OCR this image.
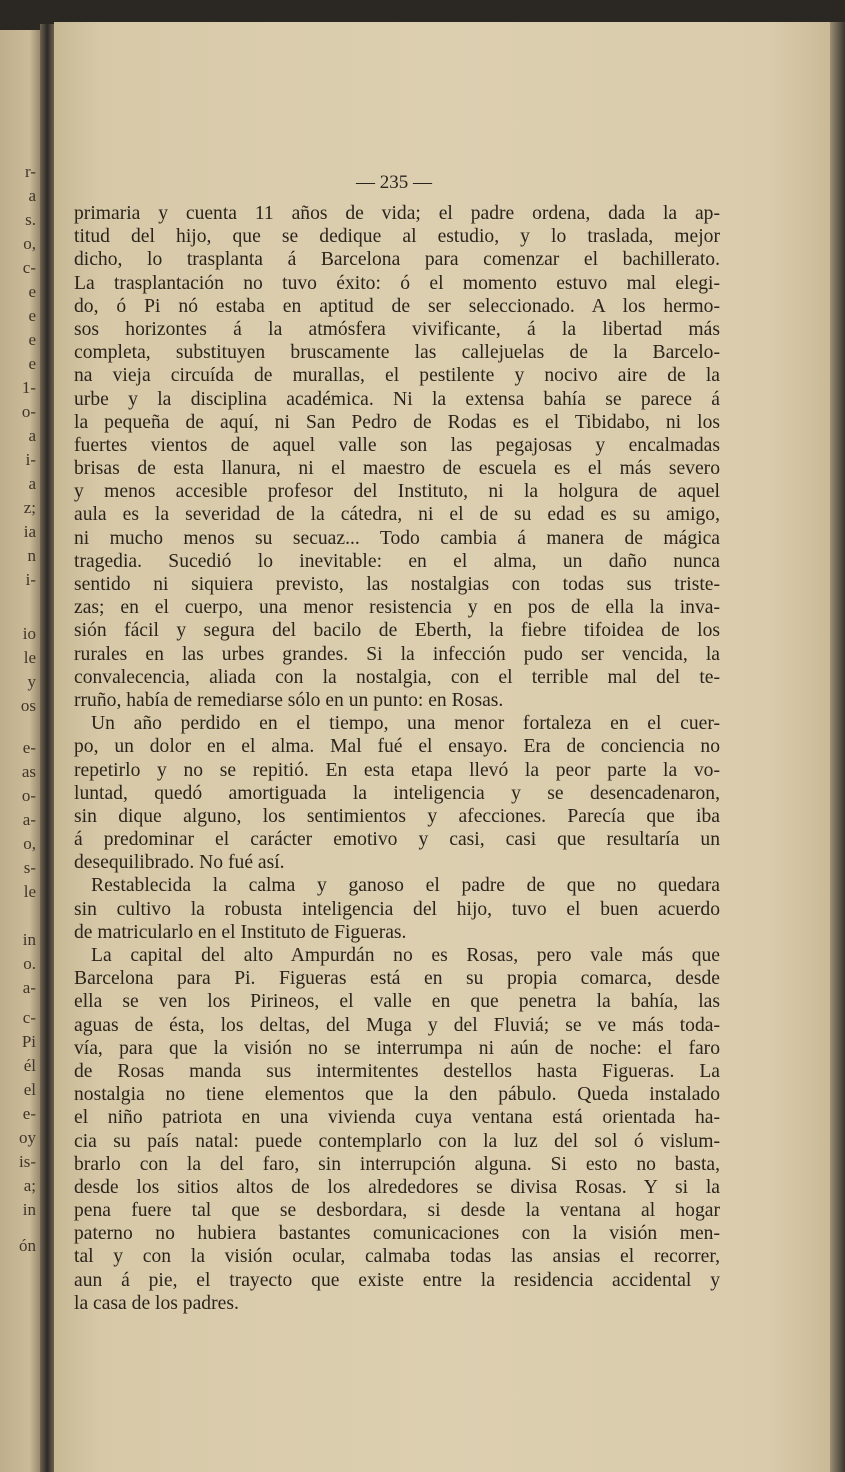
r-
a
s.
o,
c-
e
e
e
e
1-
o-
a
i-
a
z;
ia
n
i-
io
le
y
os
e-
as
o-
a-
o,
s-
le
in
o.
a-
c-
Pi
él
el
e-
oy
is-
a;
in
ón
— 235 —
primaria y cuenta 11 años de vida; el padre ordena, dada la ap-
titud del hijo, que se dedique al estudio, y lo traslada, mejor
dicho, lo trasplanta á Barcelona para comenzar el bachillerato.
La trasplantación no tuvo éxito: ó el momento estuvo mal elegi-
do, ó Pi nó estaba en aptitud de ser seleccionado. A los hermo-
sos horizontes á la atmósfera vivificante, á la libertad más
completa, substituyen bruscamente las callejuelas de la Barcelo-
na vieja circuída de murallas, el pestilente y nocivo aire de la
urbe y la disciplina académica. Ni la extensa bahía se parece á
la pequeña de aquí, ni San Pedro de Rodas es el Tibidabo, ni los
fuertes vientos de aquel valle son las pegajosas y encalmadas
brisas de esta llanura, ni el maestro de escuela es el más severo
y menos accesible profesor del Instituto, ni la holgura de aquel
aula es la severidad de la cátedra, ni el de su edad es su amigo,
ni mucho menos su secuaz... Todo cambia á manera de mágica
tragedia. Sucedió lo inevitable: en el alma, un daño nunca
sentido ni siquiera previsto, las nostalgias con todas sus triste-
zas; en el cuerpo, una menor resistencia y en pos de ella la inva-
sión fácil y segura del bacilo de Eberth, la fiebre tifoidea de los
rurales en las urbes grandes. Si la infección pudo ser vencida, la
convalecencia, aliada con la nostalgia, con el terrible mal del te-
rruño, había de remediarse sólo en un punto: en Rosas.
Un año perdido en el tiempo, una menor fortaleza en el cuer-
po, un dolor en el alma. Mal fué el ensayo. Era de conciencia no
repetirlo y no se repitió. En esta etapa llevó la peor parte la vo-
luntad, quedó amortiguada la inteligencia y se desencadenaron,
sin dique alguno, los sentimientos y afecciones. Parecía que iba
á predominar el carácter emotivo y casi, casi que resultaría un
desequilibrado. No fué así.
Restablecida la calma y ganoso el padre de que no quedara
sin cultivo la robusta inteligencia del hijo, tuvo el buen acuerdo
de matricularlo en el Instituto de Figueras.
La capital del alto Ampurdán no es Rosas, pero vale más que
Barcelona para Pi. Figueras está en su propia comarca, desde
ella se ven los Pirineos, el valle en que penetra la bahía, las
aguas de ésta, los deltas, del Muga y del Fluviá; se ve más toda-
vía, para que la visión no se interrumpa ni aún de noche: el faro
de Rosas manda sus intermitentes destellos hasta Figueras. La
nostalgia no tiene elementos que la den pábulo. Queda instalado
el niño patriota en una vivienda cuya ventana está orientada ha-
cia su país natal: puede contemplarlo con la luz del sol ó vislum-
brarlo con la del faro, sin interrupción alguna. Si esto no basta,
desde los sitios altos de los alrededores se divisa Rosas. Y si la
pena fuere tal que se desbordara, si desde la ventana al hogar
paterno no hubiera bastantes comunicaciones con la visión men-
tal y con la visión ocular, calmaba todas las ansias el recorrer,
aun á pie, el trayecto que existe entre la residencia accidental y
la casa de los padres.
